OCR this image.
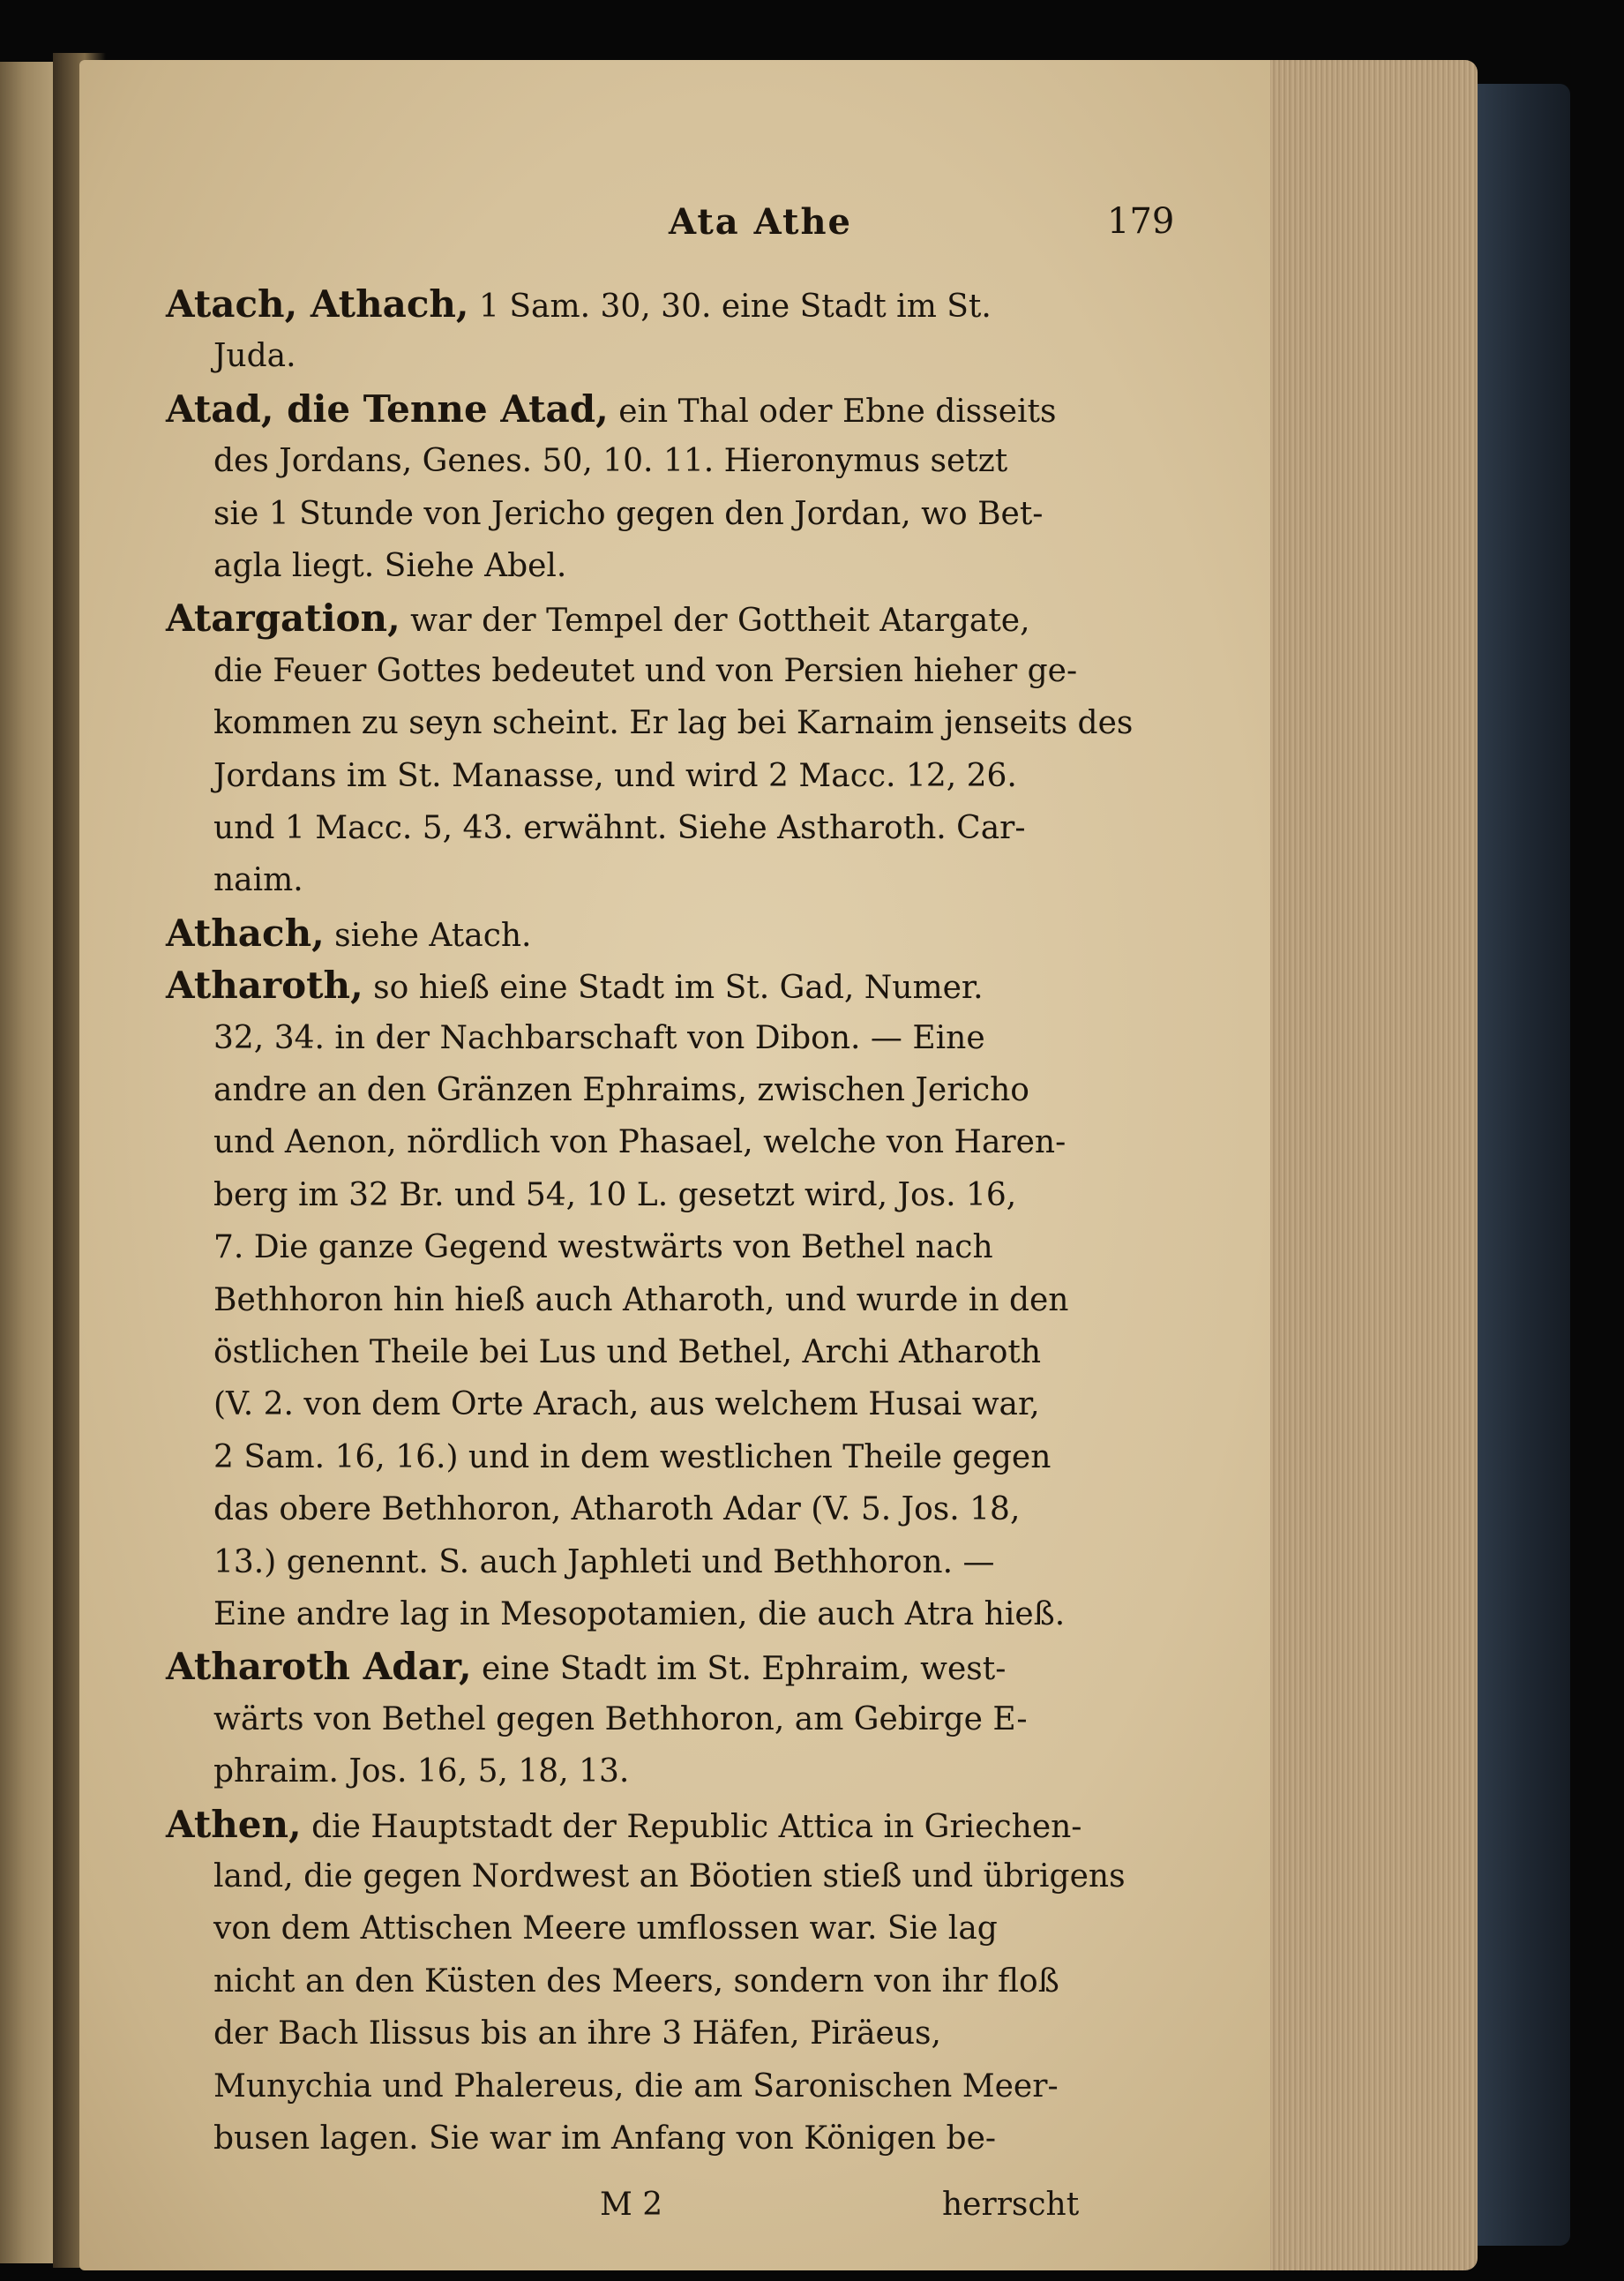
Ata Athe	179
Atach, Athach, 1 Sam. 30, 30. eine Stadt im St.
Juda.
Atad, die Tenne Atad, ein Thal oder Ebne disseits
des Jordans, Genes. 50, 10. 11. Hieronymus setzt
sie 1 Stunde von Jericho gegen den Jordan, wo Bet-
agla liegt. Siehe Abel.
Atargation, war der Tempel der Gottheit Atargate,
die Feuer Gottes bedeutet und von Persien hieher ge-
kommen zu seyn scheint. Er lag bei Karnaim jenseits des
Jordans im St. Manasse, und wird 2 Macc. 12, 26.
und 1 Macc. 5, 43. erwähnt. Siehe Astharoth. Car-
naim.
Athach, siehe Atach.
Atharoth, so hieß eine Stadt im St. Gad, Numer.
32, 34. in der Nachbarschaft von Dibon. — Eine
andre an den Gränzen Ephraims, zwischen Jericho
und Aenon, nördlich von Phasael, welche von Haren-
berg im 32 Br. und 54, 10 L. gesetzt wird, Jos. 16,
7. Die ganze Gegend westwärts von Bethel nach
Bethhoron hin hieß auch Atharoth, und wurde in den
östlichen Theile bei Lus und Bethel, Archi Atharoth
(V. 2. von dem Orte Arach, aus welchem Husai war,
2 Sam. 16, 16.) und in dem westlichen Theile gegen
das obere Bethhoron, Atharoth Adar (V. 5. Jos. 18,
13.) genennt. S. auch Japhleti und Bethhoron. —
Eine andre lag in Mesopotamien, die auch Atra hieß.
Atharoth Adar, eine Stadt im St. Ephraim, west-
wärts von Bethel gegen Bethhoron, am Gebirge E-
phraim. Jos. 16, 5, 18, 13.
Athen, die Hauptstadt der Republic Attica in Griechen-
land, die gegen Nordwest an Böotien stieß und übrigens
von dem Attischen Meere umflossen war. Sie lag
nicht an den Küsten des Meers, sondern von ihr floß
der Bach Ilissus bis an ihre 3 Häfen, Piräeus,
Munychia und Phalereus, die am Saronischen Meer-
busen lagen. Sie war im Anfang von Königen be-
M 2	herrscht
